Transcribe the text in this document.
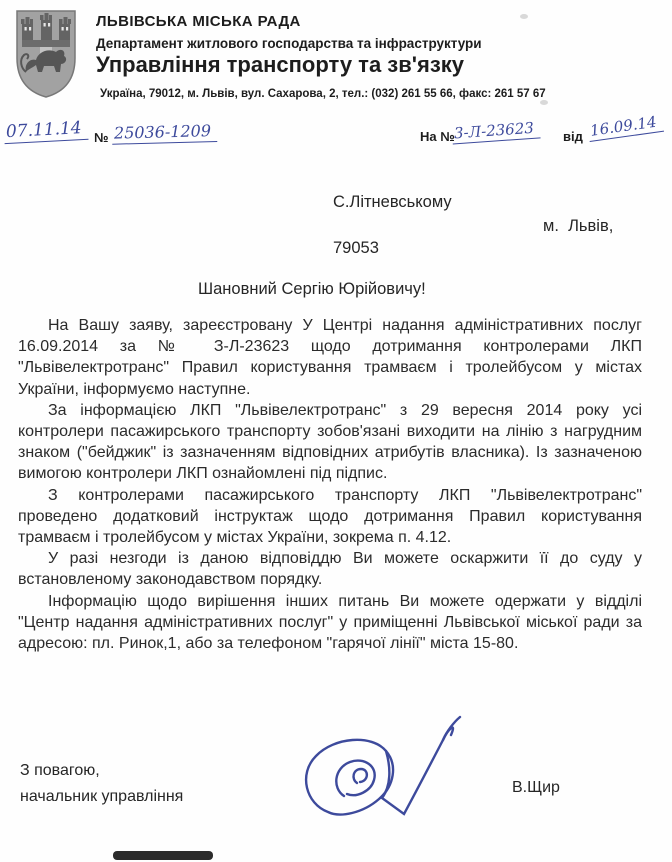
ЛЬВІВСЬКА МІСЬКА РАДА
Департамент житлового господарства та інфраструктури
Управління транспорту та зв'язку
Україна, 79012, м. Львів, вул. Сахарова, 2, тел.: (032) 261 55 66, факс: 261 57 67
07.11.14 № 25036-1209	На №
3-Л-23623	від 16.09.14
С.Літневському
м.  Львів,
79053
Шановний Сергію Юрійовичу!

На Вашу заяву, зареєстровану У Центрі надання адміністративних послуг 16.09.2014 за № З-Л-23623 щодо дотримання контролерами ЛКП "Львівелектротранс" Правил користування трамваєм і тролейбусом у містах України, інформуємо наступне.

За інформацією ЛКП "Львівелектротранс" з 29 вересня 2014 року усі контролери пасажирського транспорту зобов'язані виходити на лінію з нагрудним знаком ("бейджик" із зазначенням відповідних атрибутів власника). Із зазначеною вимогою контролери ЛКП ознайомлені під підпис.

З контролерами пасажирського транспорту ЛКП "Львівелектротранс" проведено додатковий інструктаж щодо дотримання Правил користування трамваєм і тролейбусом у містах України, зокрема п. 4.12.

У разі незгоди із даною відповіддю Ви можете оскаржити її до суду у встановленому законодавством порядку.

Інформацію щодо вирішення інших питань Ви можете одержати у відділі "Центр надання адміністративних послуг" у приміщенні Львівської міської ради за адресою: пл. Ринок,1, або за телефоном "гарячої лінії" міста 15-80.

З повагою,
начальник управління
В.Щир
